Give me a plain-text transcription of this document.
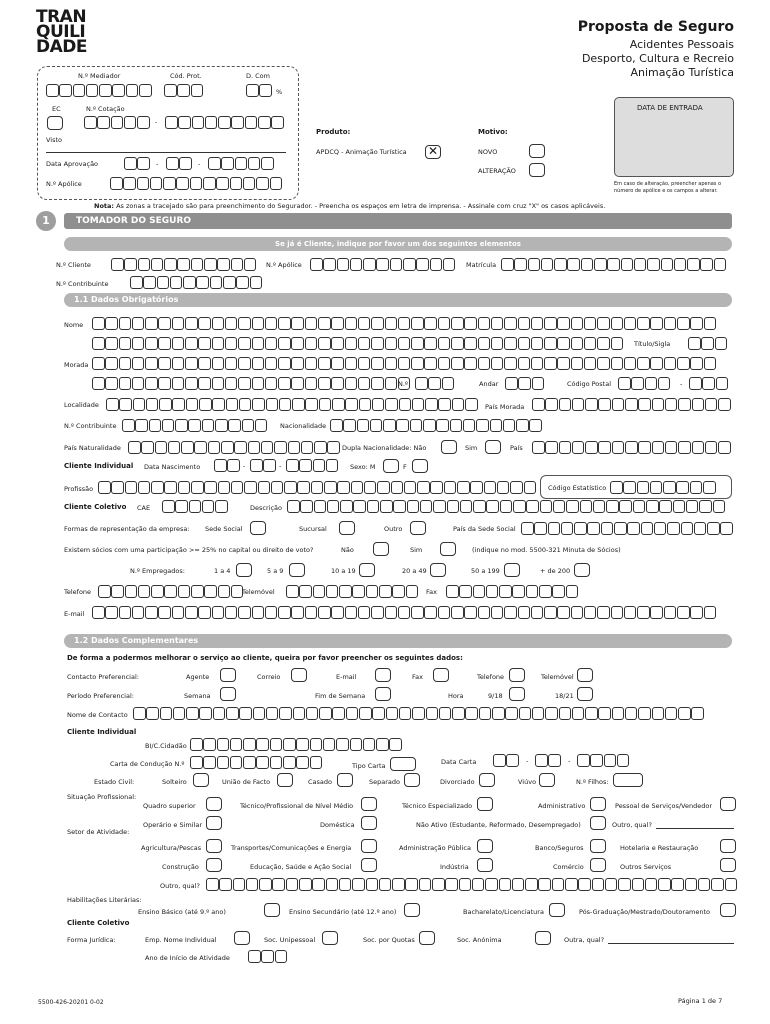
TRAN
QUILI
DADE
Proposta de Seguro
Acidentes Pessoais
Desporto, Cultura e Recreio
Animação Turística
N.º Mediador	Cód. Prot.	D. Com
%
EC	N.º Cotação
-
Visto
Data Aprovação	-	-
N.º Apólice
Produto:
APDCQ - Animação Turística ✕
Motivo:
NOVO
ALTERAÇÃO
DATA DE ENTRADA
Em caso de alteração, preencher apenas o
número de apólice e os campos a alterar.
Nota: As zonas a tracejado são para preenchimento do Segurador. - Preencha os espaços em letra de imprensa. - Assinale com cruz "X" os casos aplicáveis.
1	TOMADOR DO SEGURO
Se já é Cliente, indique por favor um dos seguintes elementos
N.º Cliente	N.º Apólice	Matrícula
N.º Contribuinte
1.1 Dados Obrigatórios
Nome
Título/Sigla
Morada
N.º	Andar	Código Postal	-
Localidade	País Morada
N.º Contribuinte	Nacionalidade
País Naturalidade	Dupla Nacionalidade: Não	Sim	País
Cliente Individual Data Nascimento	-	-	Sexo: M	F
Profissão	Código Estatístico
Cliente Coletivo CAE	Descrição
Formas de representação da empresa: Sede Social	Sucursal	Outro	País da Sede Social
Existem sócios com uma participação >= 25% no capital ou direito de voto?	Não	Sim	(indique no mod. 5500-321 Minuta de Sócios)
N.º Empregados:	1 a 4	5 a 9	10 a 19	20 a 49	50 a 199	+ de 200
Telefone	Telemóvel	Fax
E-mail
1.2 Dados Complementares
De forma a podermos melhorar o serviço ao cliente, queira por favor preencher os seguintes dados:
Contacto Preferencial:	Agente	Correio	E-mail	Fax	Telefone	Telemóvel
Período Preferencial:	Semana	Fim de Semana	Hora	9/18	18/21
Nome de Contacto
Cliente Individual
BI/C.Cidadão
Carta de Condução N.º	Tipo Carta	Data Carta	-	-
Estado Civil:	Solteiro	União de Facto	Casado	Separado	Divorciado	Viúvo	N.º Filhos:
Situação Profissional:
Quadro superior	Técnico/Profissional de Nível Médio	Técnico Especializado	Administrativo	Pessoal de Serviços/Vendedor
Operário e Similar	Doméstica	Não Ativo (Estudante, Reformado, Desempregado)	Outro, qual?
Setor de Atividade:
Agricultura/Pescas	Transportes/Comunicações e Energia	Administração Pública	Banco/Seguros	Hotelaria e Restauração
Construção	Educação, Saúde e Ação Social	Indústria	Comércio	Outros Serviços
Outro, qual?
Habilitações Literárias:
Ensino Básico (até 9.º ano)	Ensino Secundário (até 12.º ano)	Bacharelato/Licenciatura	Pós-Graduação/Mestrado/Doutoramento
Cliente Coletivo
Forma Jurídica:	Emp. Nome Individual	Soc. Unipessoal	Soc. por Quotas	Soc. Anónima	Outra, qual?
Ano de Início de Atividade
5500-426-20201 0-02	Página 1 de 7
